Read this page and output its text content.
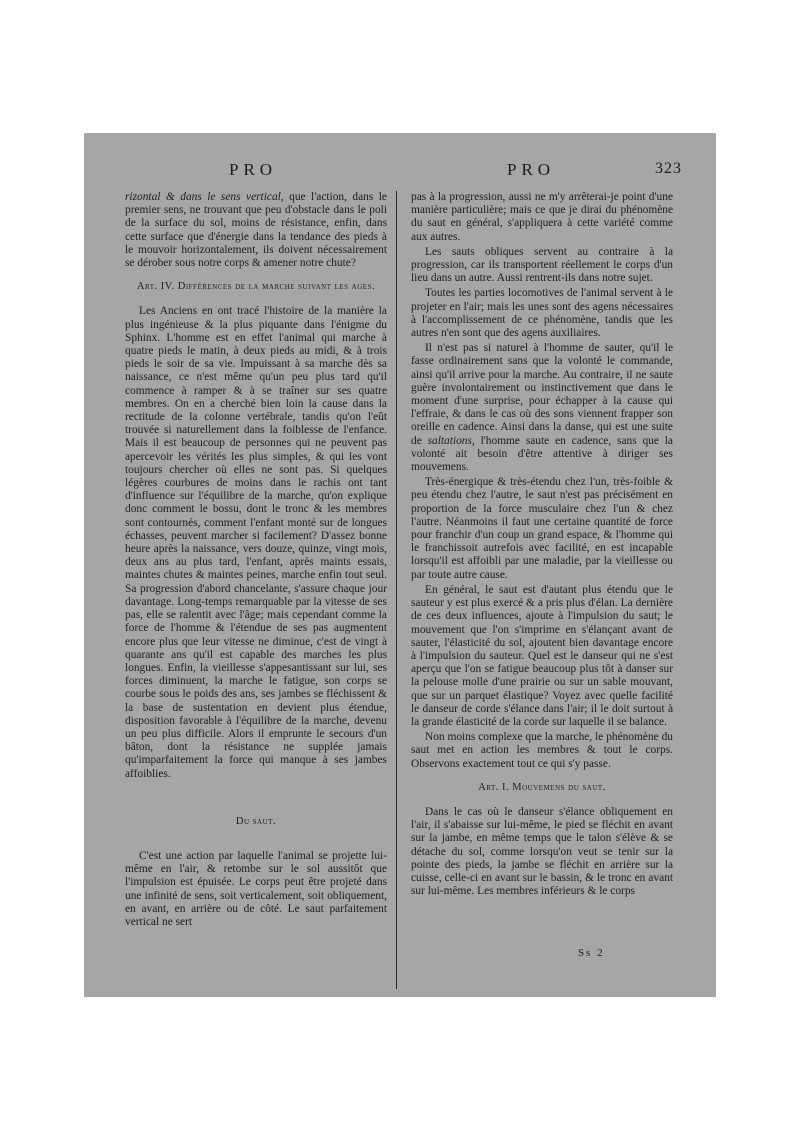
PRO	PRO	323

rizontal & dans le sens vertical, que l'action, dans le premier sens, ne trouvant que peu d'obstacle dans le poli de la surface du sol, moins de résistance, enfin, dans cette surface que d'énergie dans la tendance des pieds à le mouvoir horizontalement, ils doivent nécessairement se dérober sous notre corps & amener notre chute?

Art. IV. Différences de la marche suivant les ages.

Les Anciens en ont tracé l'histoire de la manière la plus ingénieuse & la plus piquante dans l'énigme du Sphinx. L'homme est en effet l'animal qui marche à quatre pieds le matin, à deux pieds au midi, & à trois pieds le soir de sa vie. Impuissant à sa marche dès sa naissance, ce n'est même qu'un peu plus tard qu'il commence à ramper & à se traîner sur ses quatre membres. On en a cherché bien loin la cause dans la rectitude de la colonne vertébrale, tandis qu'on l'eût trouvée si naturellement dans la foiblesse de l'enfance. Mais il est beaucoup de personnes qui ne peuvent pas apercevoir les vérités les plus simples, & qui les vont toujours chercher où elles ne sont pas. Si quelques légères courbures de moins dans le rachis ont tant d'influence sur l'équilibre de la marche, qu'on explique donc comment le bossu, dont le tronc & les membres sont contournés, comment l'enfant monté sur de longues échasses, peuvent marcher si facilement? D'assez bonne heure après la naissance, vers douze, quinze, vingt mois, deux ans au plus tard, l'enfant, après maints essais, maintes chutes & maintes peines, marche enfin tout seul. Sa progression d'abord chancelante, s'assure chaque jour davantage. Long-temps remarquable par la vitesse de ses pas, elle se ralentit avec l'âge; mais cependant comme la force de l'homme & l'étendue de ses pas augmentent encore plus que leur vitesse ne diminue, c'est de vingt à quarante ans qu'il est capable des marches les plus longues. Enfin, la vieillesse s'appesantissant sur lui, ses forces diminuent, la marche le fatigue, son corps se courbe sous le poids des ans, ses jambes se fléchissent & la base de sustentation en devient plus étendue, disposition favorable à l'équilibre de la marche, devenu un peu plus difficile. Alors il emprunte le secours d'un bâton, dont la résistance ne supplée jamais qu'imparfaitement la force qui manque à ses jambes affoiblies.

Du saut.

C'est une action par laquelle l'animal se projette lui-même en l'air, & retombe sur le sol aussitôt que l'impulsion est épuisée. Le corps peut être projeté dans une infinité de sens, soit verticalement, soit obliquement, en avant, en arrière ou de côté. Le saut parfaitement vertical ne sert

pas à la progression, aussi ne m'y arrêterai-je point d'une manière particulière; mais ce que je dirai du phénomène du saut en général, s'appliquera à cette variété comme aux autres.

Les sauts obliques servent au contraire à la progression, car ils transportent réellement le corps d'un lieu dans un autre. Aussi rentrent-ils dans notre sujet.

Toutes les parties locomotives de l'animal servent à le projeter en l'air; mais les unes sont des agens nécessaires à l'accomplissement de ce phénomène, tandis que les autres n'en sont que des agens auxiliaires.

Il n'est pas si naturel à l'homme de sauter, qu'il le fasse ordinairement sans que la volonté le commande, ainsi qu'il arrive pour la marche. Au contraire, il ne saute guère involontairement ou instinctivement que dans le moment d'une surprise, pour échapper à la cause qui l'effraie, & dans le cas où des sons viennent frapper son oreille en cadence. Ainsi dans la danse, qui est une suite de saltations, l'homme saute en cadence, sans que la volonté ait besoin d'être attentive à diriger ses mouvemens.

Très-énergique & très-étendu chez l'un, très-foible & peu étendu chez l'autre, le saut n'est pas précisément en proportion de la force musculaire chez l'un & chez l'autre. Néanmoins il faut une certaine quantité de force pour franchir d'un coup un grand espace, & l'homme qui le franchissoit autrefois avec facilité, en est incapable lorsqu'il est affoibli par une maladie, par la vieillesse ou par toute autre cause.

En général, le saut est d'autant plus étendu que le sauteur y est plus exercé & a pris plus d'élan. La dernière de ces deux influences, ajoute à l'impulsion du saut; le mouvement que l'on s'imprime en s'élançant avant de sauter, l'élasticité du sol, ajoutent bien davantage encore à l'impulsion du sauteur. Quel est le danseur qui ne s'est aperçu que l'on se fatigue beaucoup plus tôt à danser sur la pelouse molle d'une prairie ou sur un sable mouvant, que sur un parquet élastique? Voyez avec quelle facilité le danseur de corde s'élance dans l'air; il le doit surtout à la grande élasticité de la corde sur laquelle il se balance.

Non moins complexe que la marche, le phénomène du saut met en action les membres & tout le corps. Observons exactement tout ce qui s'y passe.

Art. I. Mouvemens du saut.

Dans le cas où le danseur s'élance obliquement en l'air, il s'abaisse sur lui-même, le pied se fléchit en avant sur la jambe, en même temps que le talon s'élève & se détache du sol, comme lorsqu'on veut se tenir sur la pointe des pieds, la jambe se fléchit en arrière sur la cuisse, celle-ci en avant sur le bassin, & le tronc en avant sur lui-même. Les membres inférieurs & le corps

Ss 2
